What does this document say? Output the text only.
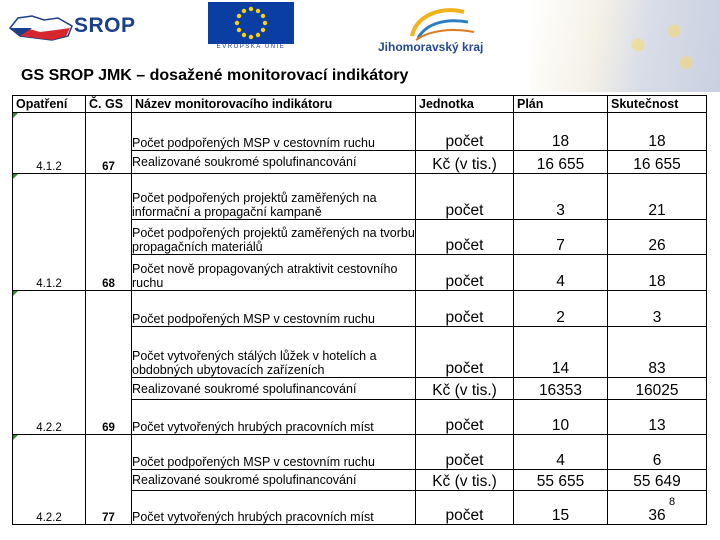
SROP
EVROPSKÁ UNIE	Jihomoravský kraj
GS SROP JMK – dosažené monitorovací indikátory
Opatření	Č. GS	Název monitorovacího indikátoru	Jednotka	Plán	Skutečnost
4.1.2	67	Počet podpořených MSP v cestovním ruchu	počet	18	18
		Realizované soukromé spolufinancování	Kč (v tis.)	16 655	16 655
4.1.2	68	Počet podpořených projektů zaměřených na informační a propagační kampaně	počet	3	21
		Počet podpořených projektů zaměřených na tvorbu propagačních materiálů	počet	7	26
		Počet nově propagovaných atraktivit cestovního ruchu	počet	4	18
4.2.2	69	Počet podpořených MSP v cestovním ruchu	počet	2	3
		Počet vytvořených stálých lůžek v hotelích a obdobných ubytovacích zařízeních	počet	14	83
		Realizované soukromé spolufinancování	Kč (v tis.)	16353	16025
		Počet vytvořených hrubých pracovních míst	počet	10	13
4.2.2	77	Počet podpořených MSP v cestovním ruchu	počet	4	6
		Realizované soukromé spolufinancování	Kč (v tis.)	55 655	55 649
		Počet vytvořených hrubých pracovních míst	počet	15	36
8
